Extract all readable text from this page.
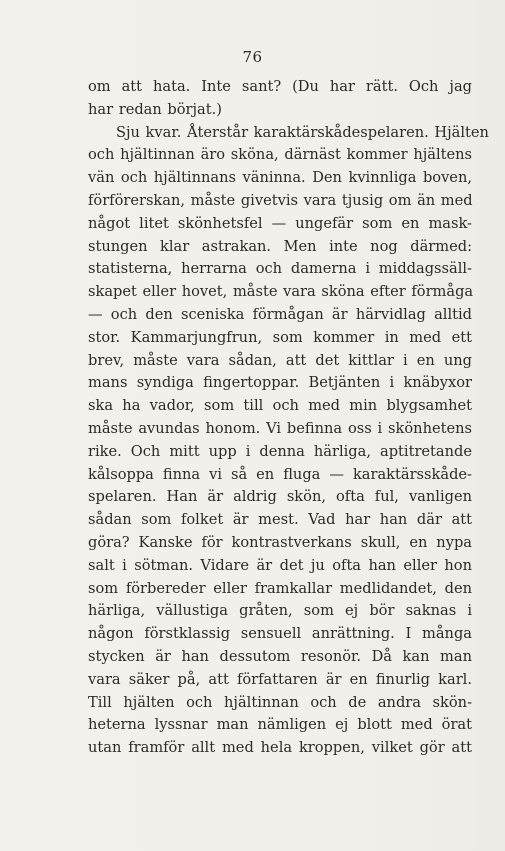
76
om att hata. Inte sant? (Du har rätt. Och jag
har redan börjat.)
Sju kvar. Återstår karaktärskådespelaren. Hjälten
och hjältinnan äro sköna, därnäst kommer hjältens
vän och hjältinnans väninna. Den kvinnliga boven,
förförerskan, måste givetvis vara tjusig om än med
något litet skönhetsfel — ungefär som en mask-
stungen klar astrakan. Men inte nog därmed:
statisterna, herrarna och damerna i middagssäll-
skapet eller hovet, måste vara sköna efter förmåga
— och den sceniska förmågan är härvidlag alltid
stor. Kammarjungfrun, som kommer in med ett
brev, måste vara sådan, att det kittlar i en ung
mans syndiga fingertoppar. Betjänten i knäbyxor
ska ha vador, som till och med min blygsamhet
måste avundas honom. Vi befinna oss i skönhetens
rike. Och mitt upp i denna härliga, aptitretande
kålsoppa finna vi så en fluga — karaktärsskåde-
spelaren. Han är aldrig skön, ofta ful, vanligen
sådan som folket är mest. Vad har han där att
göra? Kanske för kontrastverkans skull, en nypa
salt i sötman. Vidare är det ju ofta han eller hon
som förbereder eller framkallar medlidandet, den
härliga, vällustiga gråten, som ej bör saknas i
någon förstklassig sensuell anrättning. I många
stycken är han dessutom resonör. Då kan man
vara säker på, att författaren är en finurlig karl.
Till hjälten och hjältinnan och de andra skön-
heterna lyssnar man nämligen ej blott med örat
utan framför allt med hela kroppen, vilket gör att
